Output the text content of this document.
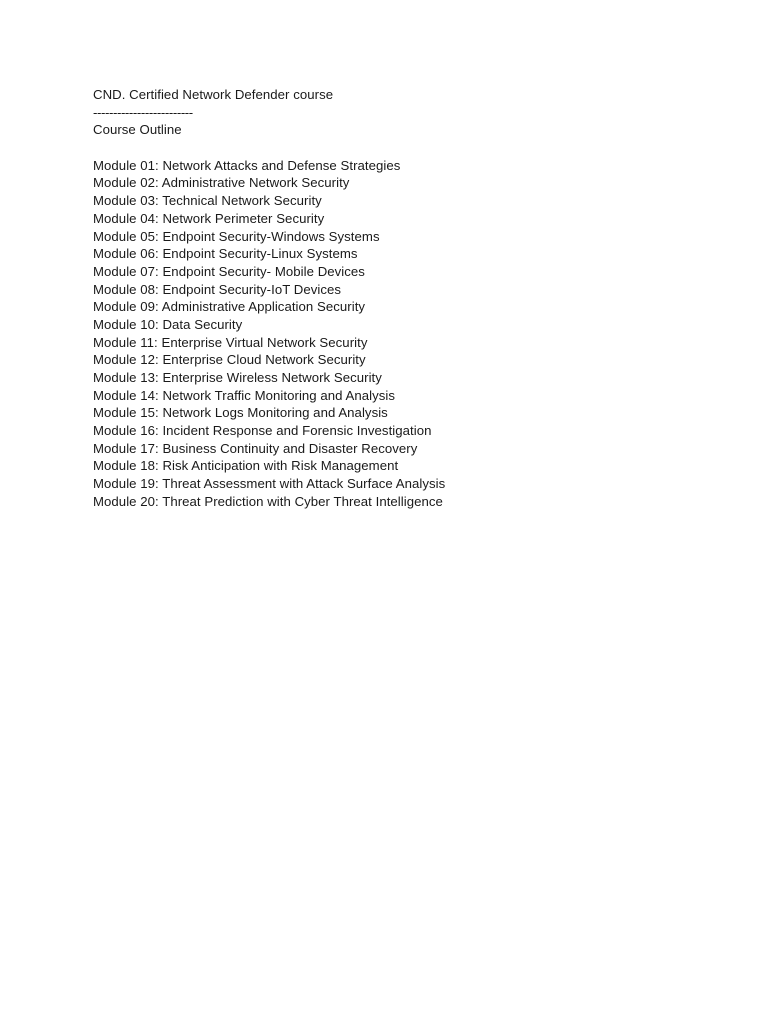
CND. Certified Network Defender course
-------------------------
Course Outline
Module 01: Network Attacks and Defense Strategies
Module 02: Administrative Network Security
Module 03: Technical Network Security
Module 04: Network Perimeter Security
Module 05: Endpoint Security-Windows Systems
Module 06: Endpoint Security-Linux Systems
Module 07: Endpoint Security- Mobile Devices
Module 08: Endpoint Security-IoT Devices
Module 09: Administrative Application Security
Module 10: Data Security
Module 11: Enterprise Virtual Network Security
Module 12: Enterprise Cloud Network Security
Module 13: Enterprise Wireless Network Security
Module 14: Network Traffic Monitoring and Analysis
Module 15: Network Logs Monitoring and Analysis
Module 16: Incident Response and Forensic Investigation
Module 17: Business Continuity and Disaster Recovery
Module 18: Risk Anticipation with Risk Management
Module 19: Threat Assessment with Attack Surface Analysis
Module 20: Threat Prediction with Cyber Threat Intelligence
